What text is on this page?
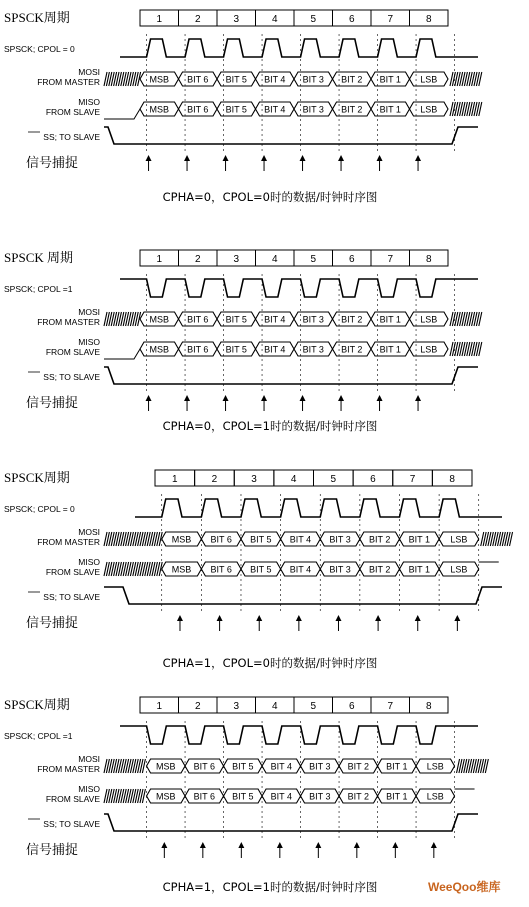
SPSCK周期	1	2	3	4	5	6	7	8
SPSCK; CPOL = 0
MOSI
FROM MASTER	MSB BIT 6 BIT 5 BIT 4 BIT 3 BIT 2 BIT 1 LSB
MISO
FROM SLAVE	MSB BIT 6 BIT 5 BIT 4 BIT 3 BIT 2 BIT 1 LSB
SS; TO SLAVE
信号捕捉
CPHA=0，CPOL=0时的数据/时钟时序图
SPSCK 周期	1	2	3	4	5	6	7	8
SPSCK; CPOL =1
MOSI
FROM MASTER	MSB BIT 6 BIT 5 BIT 4 BIT 3 BIT 2 BIT 1 LSB
MISO
FROM SLAVE	MSB BIT 6 BIT 5 BIT 4 BIT 3 BIT 2 BIT 1 LSB
SS; TO SLAVE
信号捕捉
CPHA=0，CPOL=1时的数据/时钟时序图
SPSCK周期	1	2	3	4	5	6	7	8
SPSCK; CPOL = 0
MOSI
FROM MASTER	MSB BIT 6 BIT 5 BIT 4 BIT 3 BIT 2 BIT 1 LSB
MISO
FROM SLAVE	MSB BIT 6 BIT 5 BIT 4 BIT 3 BIT 2 BIT 1 LSB
SS; TO SLAVE
信号捕捉
CPHA=1，CPOL=0时的数据/时钟时序图
SPSCK周期	1	2	3	4	5	6	7	8
SPSCK; CPOL =1
MOSI
FROM MASTER	MSB BIT 6 BIT 5 BIT 4 BIT 3 BIT 2 BIT 1 LSB
MISO
FROM SLAVE	MSB BIT 6 BIT 5 BIT 4 BIT 3 BIT 2 BIT 1 LSB
SS; TO SLAVE
信号捕捉
CPHA=1，CPOL=1时的数据/时钟时序图	WeeQoo维库
